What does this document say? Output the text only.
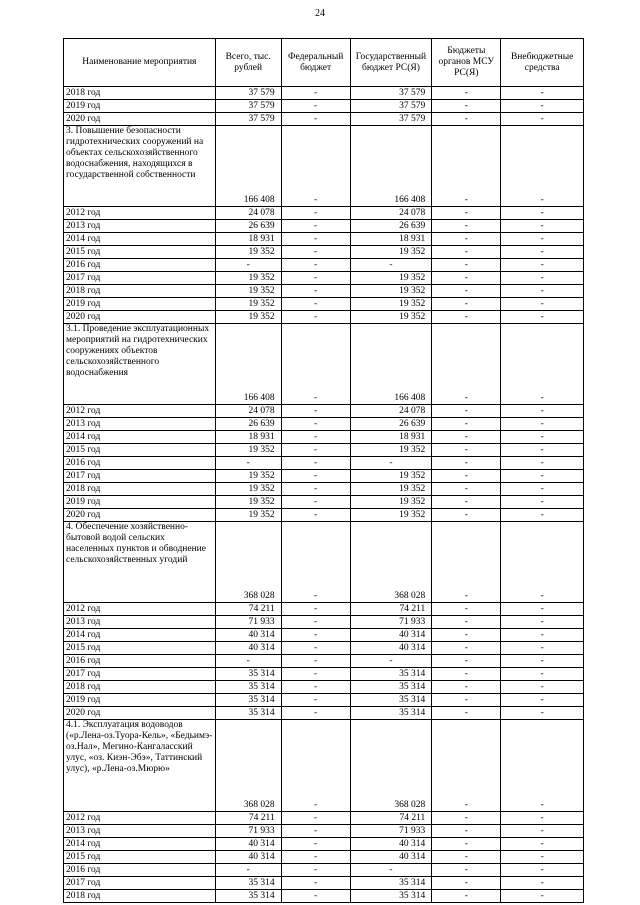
24
Наименование мероприятия	Всего, тыс. рублей	Федеральный бюджет	Государственный бюджет РС(Я)	Бюджеты органов МСУ РС(Я)	Внебюджетные средства
2018 год	37 579	-	37 579	-	-
2019 год	37 579	-	37 579	-	-
2020 год	37 579	-	37 579	-	-
3. Повышение безопасности гидротехнических сооружений на объектах сельскохозяйственного водоснабжения, находящихся в государственной собственности	166 408	-	166 408	-	-
2012 год	24 078	-	24 078	-	-
2013 год	26 639	-	26 639	-	-
2014 год	18 931	-	18 931	-	-
2015 год	19 352	-	19 352	-	-
2016 год	-	-	-	-	-
2017 год	19 352	-	19 352	-	-
2018 год	19 352	-	19 352	-	-
2019 год	19 352	-	19 352	-	-
2020 год	19 352	-	19 352	-	-
3.1. Проведение эксплуатационных мероприятий на гидротехнических сооружениях объектов сельскохозяйственного водоснабжения	166 408	-	166 408	-	-
2012 год	24 078	-	24 078	-	-
2013 год	26 639	-	26 639	-	-
2014 год	18 931	-	18 931	-	-
2015 год	19 352	-	19 352	-	-
2016 год	-	-	-	-	-
2017 год	19 352	-	19 352	-	-
2018 год	19 352	-	19 352	-	-
2019 год	19 352	-	19 352	-	-
2020 год	19 352	-	19 352	-	-
4. Обеспечение хозяйственно-бытовой водой сельских населенных пунктов и обводнение сельскохозяйственных угодий	368 028	-	368 028	-	-
2012 год	74 211	-	74 211	-	-
2013 год	71 933	-	71 933	-	-
2014 год	40 314	-	40 314	-	-
2015 год	40 314	-	40 314	-	-
2016 год	-	-	-	-	-
2017 год	35 314	-	35 314	-	-
2018 год	35 314	-	35 314	-	-
2019 год	35 314	-	35 314	-	-
2020 год	35 314	-	35 314	-	-
4.1. Эксплуатация водоводов («р.Лена-оз.Туора-Кель», «Бедьимэ-оз.Нал», Мегино-Кангаласский улус, «оз. Киэн-Эбэ», Таттинский улус), «р.Лена-оз.Мюрю»	368 028	-	368 028	-	-
2012 год	74 211	-	74 211	-	-
2013 год	71 933	-	71 933	-	-
2014 год	40 314	-	40 314	-	-
2015 год	40 314	-	40 314	-	-
2016 год	-	-	-	-	-
2017 год	35 314	-	35 314	-	-
2018 год	35 314	-	35 314	-	-
